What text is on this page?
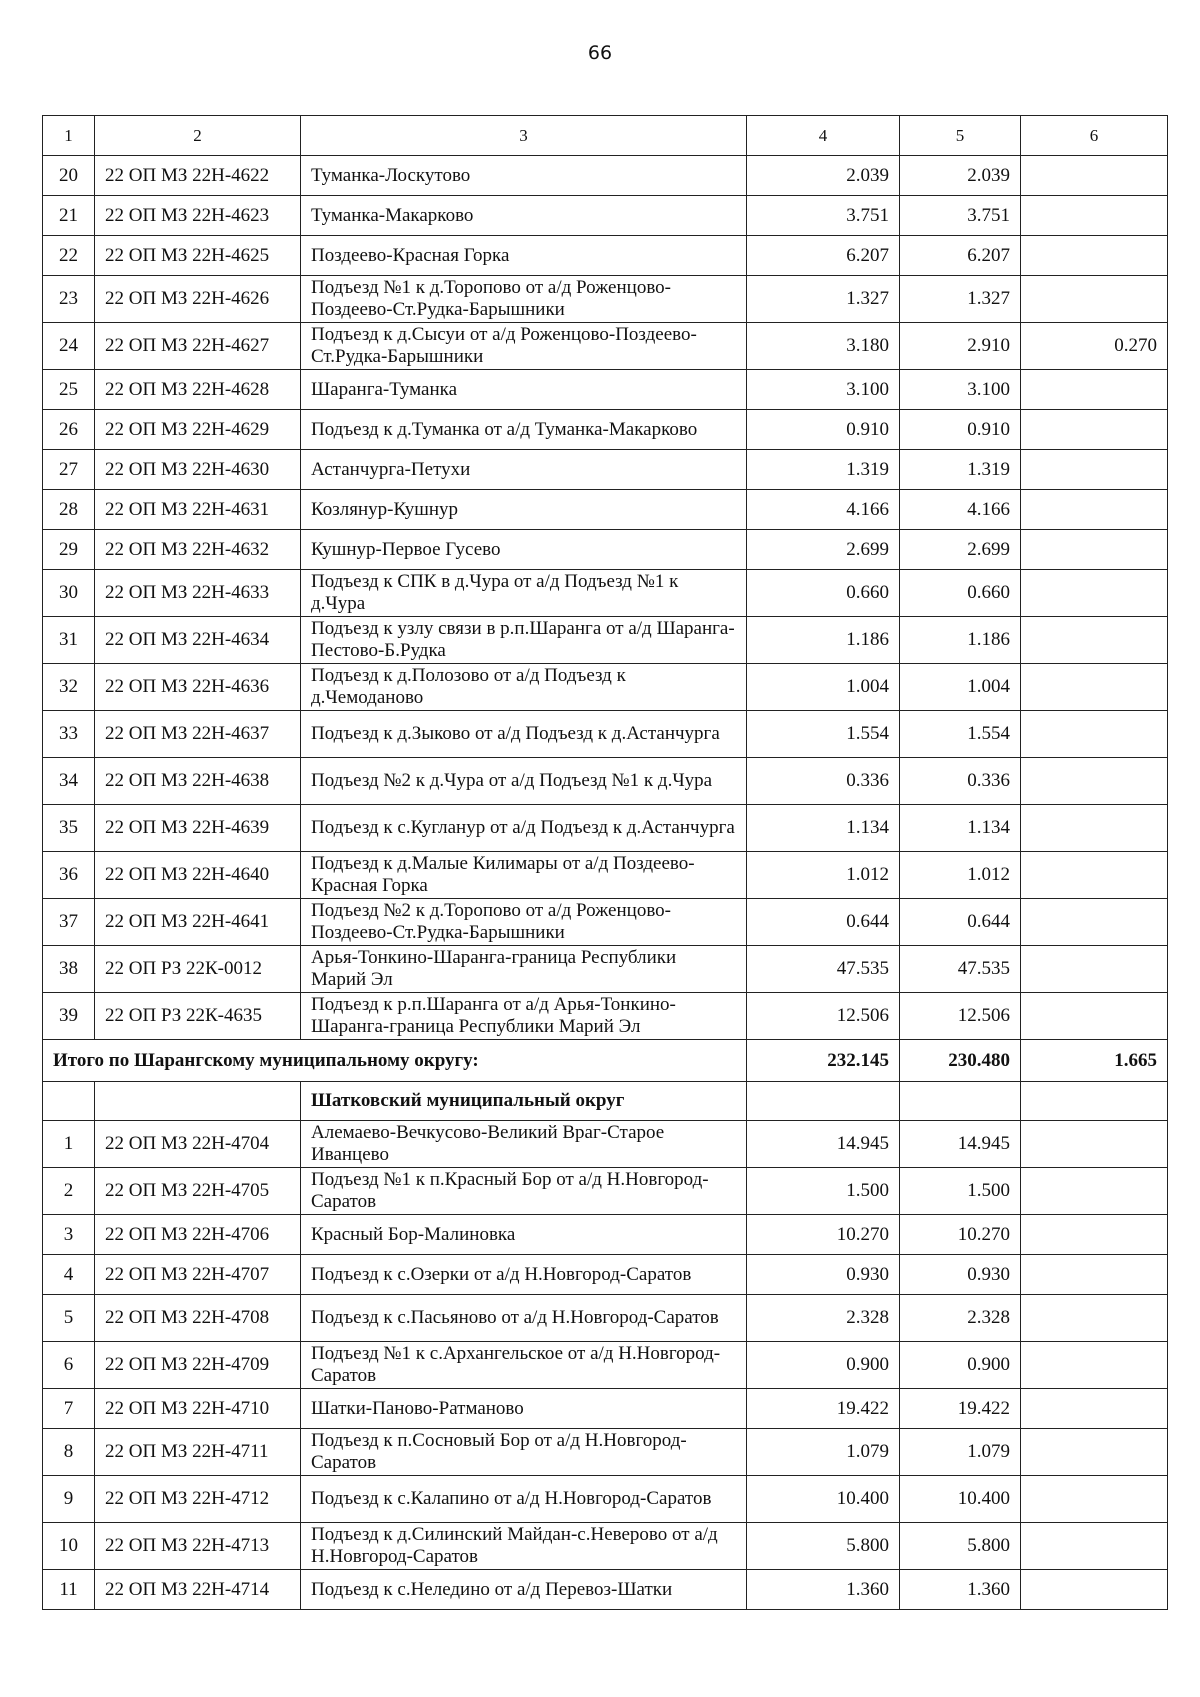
66
1	2	3	4	5	6
20	22 ОП МЗ 22Н-4622	Туманка-Лоскутово	2.039	2.039	
21	22 ОП МЗ 22Н-4623	Туманка-Макарково	3.751	3.751	
22	22 ОП МЗ 22Н-4625	Поздеево-Красная Горка	6.207	6.207	
23	22 ОП МЗ 22Н-4626	Подъезд №1 к д.Торопово от а/д Роженцово-Поздеево-Ст.Рудка-Барышники	1.327	1.327	
24	22 ОП МЗ 22Н-4627	Подъезд к д.Сысуи от а/д Роженцово-Поздеево-Ст.Рудка-Барышники	3.180	2.910	0.270
25	22 ОП МЗ 22Н-4628	Шаранга-Туманка	3.100	3.100	
26	22 ОП МЗ 22Н-4629	Подъезд к д.Туманка от а/д Туманка-Макарково	0.910	0.910	
27	22 ОП МЗ 22Н-4630	Астанчурга-Петухи	1.319	1.319	
28	22 ОП МЗ 22Н-4631	Козлянур-Кушнур	4.166	4.166	
29	22 ОП МЗ 22Н-4632	Кушнур-Первое Гусево	2.699	2.699	
30	22 ОП МЗ 22Н-4633	Подъезд к СПК в д.Чура от а/д Подъезд №1 к д.Чура	0.660	0.660	
31	22 ОП МЗ 22Н-4634	Подъезд к узлу связи в р.п.Шаранга от а/д Шаранга-Пестово-Б.Рудка	1.186	1.186	
32	22 ОП МЗ 22Н-4636	Подъезд к д.Полозово от а/д Подъезд к д.Чемоданово	1.004	1.004	
33	22 ОП МЗ 22Н-4637	Подъезд к д.Зыково от а/д Подъезд к д.Астанчурга	1.554	1.554	
34	22 ОП МЗ 22Н-4638	Подъезд №2 к д.Чура от а/д Подъезд №1 к д.Чура	0.336	0.336	
35	22 ОП МЗ 22Н-4639	Подъезд к с.Кугланур от а/д Подъезд к д.Астанчурга	1.134	1.134	
36	22 ОП МЗ 22Н-4640	Подъезд к д.Малые Килимары от а/д Поздеево-Красная Горка	1.012	1.012	
37	22 ОП МЗ 22Н-4641	Подъезд №2 к д.Торопово от а/д Роженцово-Поздеево-Ст.Рудка-Барышники	0.644	0.644	
38	22 ОП РЗ 22К-0012	Арья-Тонкино-Шаранга-граница Республики Марий Эл	47.535	47.535	
39	22 ОП РЗ 22К-4635	Подъезд к р.п.Шаранга от а/д Арья-Тонкино-Шаранга-граница Республики Марий Эл	12.506	12.506	
Итого по Шарангскому муниципальному округу:			232.145	230.480	1.665
		Шатковский муниципальный округ			
1	22 ОП МЗ 22Н-4704	Алемаево-Вечкусово-Великий Враг-Старое Иванцево	14.945	14.945	
2	22 ОП МЗ 22Н-4705	Подъезд №1 к п.Красный Бор от а/д Н.Новгород-Саратов	1.500	1.500	
3	22 ОП МЗ 22Н-4706	Красный Бор-Малиновка	10.270	10.270	
4	22 ОП МЗ 22Н-4707	Подъезд к с.Озерки от а/д Н.Новгород-Саратов	0.930	0.930	
5	22 ОП МЗ 22Н-4708	Подъезд к с.Пасьяново от а/д Н.Новгород-Саратов	2.328	2.328	
6	22 ОП МЗ 22Н-4709	Подъезд №1 к с.Архангельское от а/д Н.Новгород-Саратов	0.900	0.900	
7	22 ОП МЗ 22Н-4710	Шатки-Паново-Ратманово	19.422	19.422	
8	22 ОП МЗ 22Н-4711	Подъезд к п.Сосновый Бор от а/д Н.Новгород-Саратов	1.079	1.079	
9	22 ОП МЗ 22Н-4712	Подъезд к с.Калапино от а/д Н.Новгород-Саратов	10.400	10.400	
10	22 ОП МЗ 22Н-4713	Подъезд к д.Силинский Майдан-с.Неверово от а/д Н.Новгород-Саратов	5.800	5.800	
11	22 ОП МЗ 22Н-4714	Подъезд к с.Неледино от а/д Перевоз-Шатки	1.360	1.360	
